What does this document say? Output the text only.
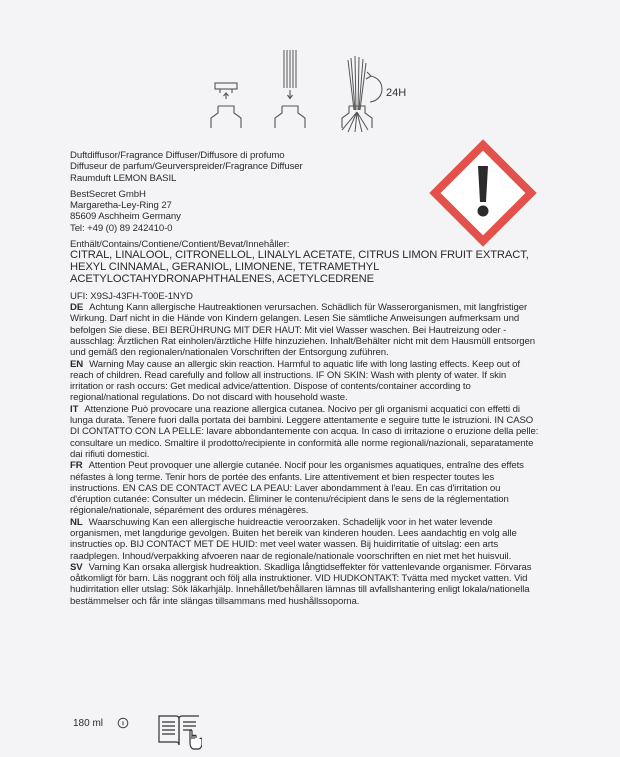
24H

Duftdiffusor/Fragrance Diffuser/Diffusore di profumo

Diffuseur de parfum/Geurverspreider/Fragrance Diffuser

Raumduft LEMON BASIL

BestSecret GmbH

Margaretha-Ley-Ring 27

85609 Aschheim Germany

Tel: +49 (0) 89 242410-0

Enthält/Contains/Contiene/Contient/Bevat/Innehåller:

CITRAL, LINALOOL, CITRONELLOL, LINALYL ACETATE, CITRUS LIMON FRUIT EXTRACT,

HEXYL CINNAMAL, GERANIOL, LIMONENE, TETRAMETHYL

ACETYLOCTAHYDRONAPHTHALENES, ACETYLCEDRENE

UFI: X9SJ-43FH-T00E-1NYD

DE Achtung Kann allergische Hautreaktionen verursachen. Schädlich für Wasserorganismen, mit langfristiger Wirkung. Darf nicht in die Hände von Kindern gelangen. Lesen Sie sämtliche Anweisungen aufmerksam und befolgen Sie diese. BEI BERÜHRUNG MIT DER HAUT: Mit viel Wasser waschen. Bei Hautreizung oder -ausschlag: Ärztlichen Rat einholen/ärztliche Hilfe hinzuziehen. Inhalt/Behälter nicht mit dem Hausmüll entsorgen und gemäß den regionalen/nationalen Vorschriften der Entsorgung zuführen.

EN Warning May cause an allergic skin reaction. Harmful to aquatic life with long lasting effects. Keep out of reach of children. Read carefully and follow all instructions. IF ON SKIN: Wash with plenty of water. If skin irritation or rash occurs: Get medical advice/attention. Dispose of contents/container according to regional/national regulations. Do not discard with household waste.

IT Attenzione Può provocare una reazione allergica cutanea. Nocivo per gli organismi acquatici con effetti di lunga durata. Tenere fuori dalla portata dei bambini. Leggere attentamente e seguire tutte le istruzioni. IN CASO DI CONTATTO CON LA PELLE: lavare abbondantemente con acqua. In caso di irritazione o eruzione della pelle: consultare un medico. Smaltire il prodotto/recipiente in conformità alle norme regionali/nazionali, separatamente dai rifiuti domestici.

FR Attention Peut provoquer une allergie cutanée. Nocif pour les organismes aquatiques, entraîne des effets néfastes à long terme. Tenir hors de portée des enfants. Lire attentivement et bien respecter toutes les instructions. EN CAS DE CONTACT AVEC LA PEAU: Laver abondamment à l'eau. En cas d'irritation ou d'éruption cutanée: Consulter un médecin. Éliminer le contenu/récipient dans le sens de la réglementation régionale/nationale, séparément des ordures ménagères.

NL Waarschuwing Kan een allergische huidreactie veroorzaken. Schadelijk voor in het water levende organismen, met langdurige gevolgen. Buiten het bereik van kinderen houden. Lees aandachtig en volg alle instructies op. BIJ CONTACT MET DE HUID: met veel water wassen. Bij huidirritatie of uitslag: een arts raadplegen. Inhoud/verpakking afvoeren naar de regionale/nationale voorschriften en niet met het huisvuil.

SV Varning Kan orsaka allergisk hudreaktion. Skadliga långtidseffekter för vattenlevande organismer. Förvaras oåtkomligt för barn. Läs noggrant och följ alla instruktioner. VID HUDKONTAKT: Tvätta med mycket vatten. Vid hudirritation eller utslag: Sök läkarhjälp. Innehållet/behållaren lämnas till avfallshantering enligt lokala/nationella bestämmelser och får inte slängas tillsammans med hushållssoporna.

180 ml
